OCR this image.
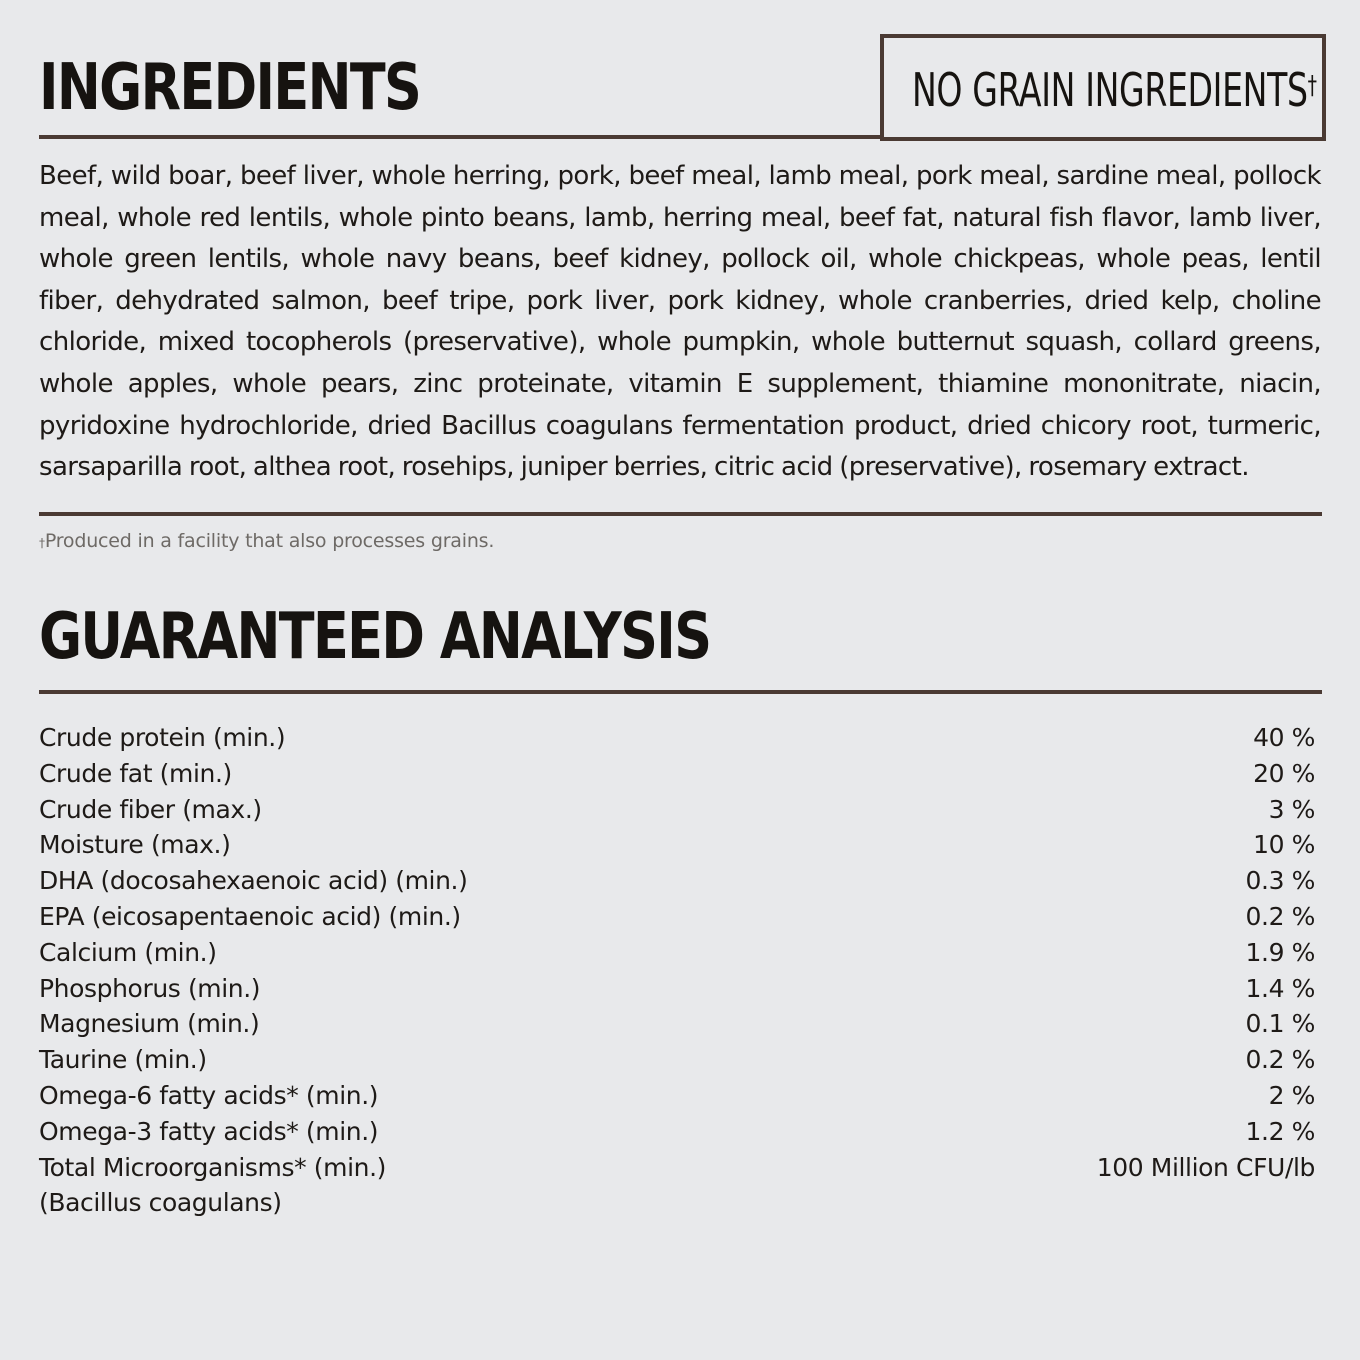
INGREDIENTS	NO GRAIN INGREDIENTS†

Beef, wild boar, beef liver, whole herring, pork, beef meal, lamb meal, pork meal, sardine meal, pollock meal, whole red lentils, whole pinto beans, lamb, herring meal, beef fat, natural fish flavor, lamb liver, whole green lentils, whole navy beans, beef kidney, pollock oil, whole chickpeas, whole peas, lentil fiber, dehydrated salmon, beef tripe, pork liver, pork kidney, whole cranberries, dried kelp, choline chloride, mixed tocopherols (preservative), whole pumpkin, whole butternut squash, collard greens, whole apples, whole pears, zinc proteinate, vitamin E supplement, thiamine mononitrate, niacin, pyridoxine hydrochloride, dried Bacillus coagulans fermentation product, dried chicory root, turmeric, sarsaparilla root, althea root, rosehips, juniper berries, citric acid (preservative), rosemary extract.

†Produced in a facility that also processes grains.

GUARANTEED ANALYSIS
Crude protein (min.)	40 %
Crude fat (min.)	20 %
Crude fiber (max.)	3 %
Moisture (max.)	10 %
DHA (docosahexaenoic acid) (min.)	0.3 %
EPA (eicosapentaenoic acid) (min.)	0.2 %
Calcium (min.)	1.9 %
Phosphorus (min.)	1.4 %
Magnesium (min.)	0.1 %
Taurine (min.)	0.2 %
Omega-6 fatty acids* (min.)	2 %
Omega-3 fatty acids* (min.)	1.2 %
Total Microorganisms* (min.)
(Bacillus coagulans)
100 Million CFU/lb
